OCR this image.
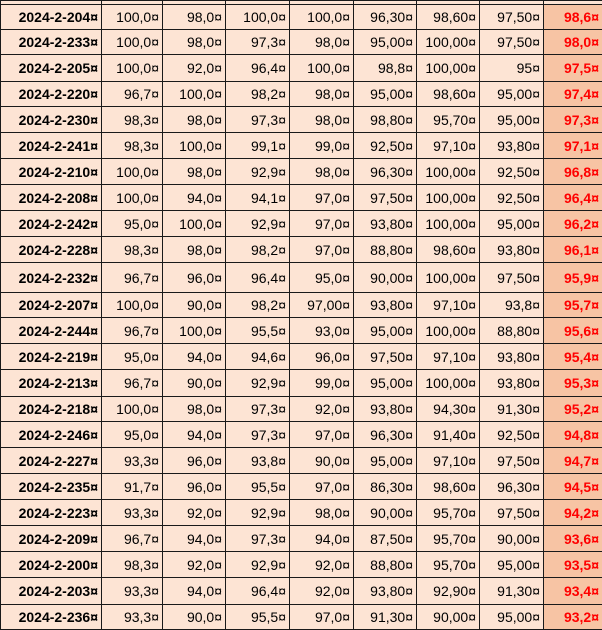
2024-2-204¤	100,0¤	98,0¤	100,0¤	100,0¤	96,30¤	98,60¤	97,50¤	98,6¤
2024-2-233¤	100,0¤	98,0¤	97,3¤	98,0¤	95,00¤	100,00¤	97,50¤	98,0¤
2024-2-205¤	100,0¤	92,0¤	96,4¤	100,0¤	98,8¤	100,00¤	95¤	97,5¤
2024-2-220¤	96,7¤	100,0¤	98,2¤	98,0¤	95,00¤	98,60¤	95,00¤	97,4¤
2024-2-230¤	98,3¤	98,0¤	97,3¤	98,0¤	98,80¤	95,70¤	95,00¤	97,3¤
2024-2-241¤	98,3¤	100,0¤	99,1¤	99,0¤	92,50¤	97,10¤	93,80¤	97,1¤
2024-2-210¤	100,0¤	98,0¤	92,9¤	98,0¤	96,30¤	100,00¤	92,50¤	96,8¤
2024-2-208¤	100,0¤	94,0¤	94,1¤	97,0¤	97,50¤	100,00¤	92,50¤	96,4¤
2024-2-242¤	95,0¤	100,0¤	92,9¤	97,0¤	93,80¤	100,00¤	95,00¤	96,2¤
2024-2-228¤	98,3¤	98,0¤	98,2¤	97,0¤	88,80¤	98,60¤	93,80¤	96,1¤
2024-2-232¤	96,7¤	96,0¤	96,4¤	95,0¤	90,00¤	100,00¤	97,50¤	95,9¤
2024-2-207¤	100,0¤	90,0¤	98,2¤	97,00¤	93,80¤	97,10¤	93,8¤	95,7¤
2024-2-244¤	96,7¤	100,0¤	95,5¤	93,0¤	95,00¤	100,00¤	88,80¤	95,6¤
2024-2-219¤	95,0¤	94,0¤	94,6¤	96,0¤	97,50¤	97,10¤	93,80¤	95,4¤
2024-2-213¤	96,7¤	90,0¤	92,9¤	99,0¤	95,00¤	100,00¤	93,80¤	95,3¤
2024-2-218¤	100,0¤	98,0¤	97,3¤	92,0¤	93,80¤	94,30¤	91,30¤	95,2¤
2024-2-246¤	95,0¤	94,0¤	97,3¤	97,0¤	96,30¤	91,40¤	92,50¤	94,8¤
2024-2-227¤	93,3¤	96,0¤	93,8¤	90,0¤	95,00¤	97,10¤	97,50¤	94,7¤
2024-2-235¤	91,7¤	96,0¤	95,5¤	97,0¤	86,30¤	98,60¤	96,30¤	94,5¤
2024-2-223¤	93,3¤	92,0¤	92,9¤	98,0¤	90,00¤	95,70¤	97,50¤	94,2¤
2024-2-209¤	96,7¤	94,0¤	97,3¤	94,0¤	87,50¤	95,70¤	90,00¤	93,6¤
2024-2-200¤	98,3¤	92,0¤	92,9¤	92,0¤	88,80¤	95,70¤	95,00¤	93,5¤
2024-2-203¤	93,3¤	94,0¤	96,4¤	92,0¤	93,80¤	92,90¤	91,30¤	93,4¤
2024-2-236¤	93,3¤	90,0¤	95,5¤	97,0¤	91,30¤	90,00¤	95,00¤	93,2¤
